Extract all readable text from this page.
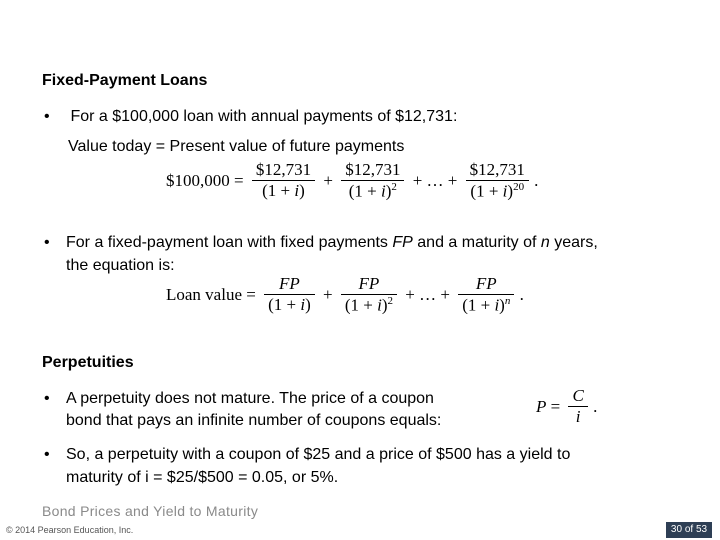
Fixed-Payment Loans
• For a $100,000 loan with annual payments of $12,731:
Value today = Present value of future payments
$100,000 = $\frac{\$12,731}{(1 + i)} + \frac{\$12,731}{(1 + i)^2}$ + … + $\frac{\$12,731}{(1 + i)^{20}}$ .
• For a fixed-payment loan with fixed payments FP and a maturity of n years,
the equation is:
Loan value = $\frac{FP}{(1 + i)} + \frac{FP}{(1 + i)^2}$ + … + $\frac{FP}{(1 + i)^n}$ .
Perpetuities
• A perpetuity does not mature. The price of a coupon
bond that pays an infinite number of coupons equals:
$P = \frac{C}{i}$ .
• So, a perpetuity with a coupon of $25 and a price of $500 has a yield to
maturity of i = $25/$500 = 0.05, or 5%.
Bond Prices and Yield to Maturity
© 2014 Pearson Education, Inc.	30 of 53
